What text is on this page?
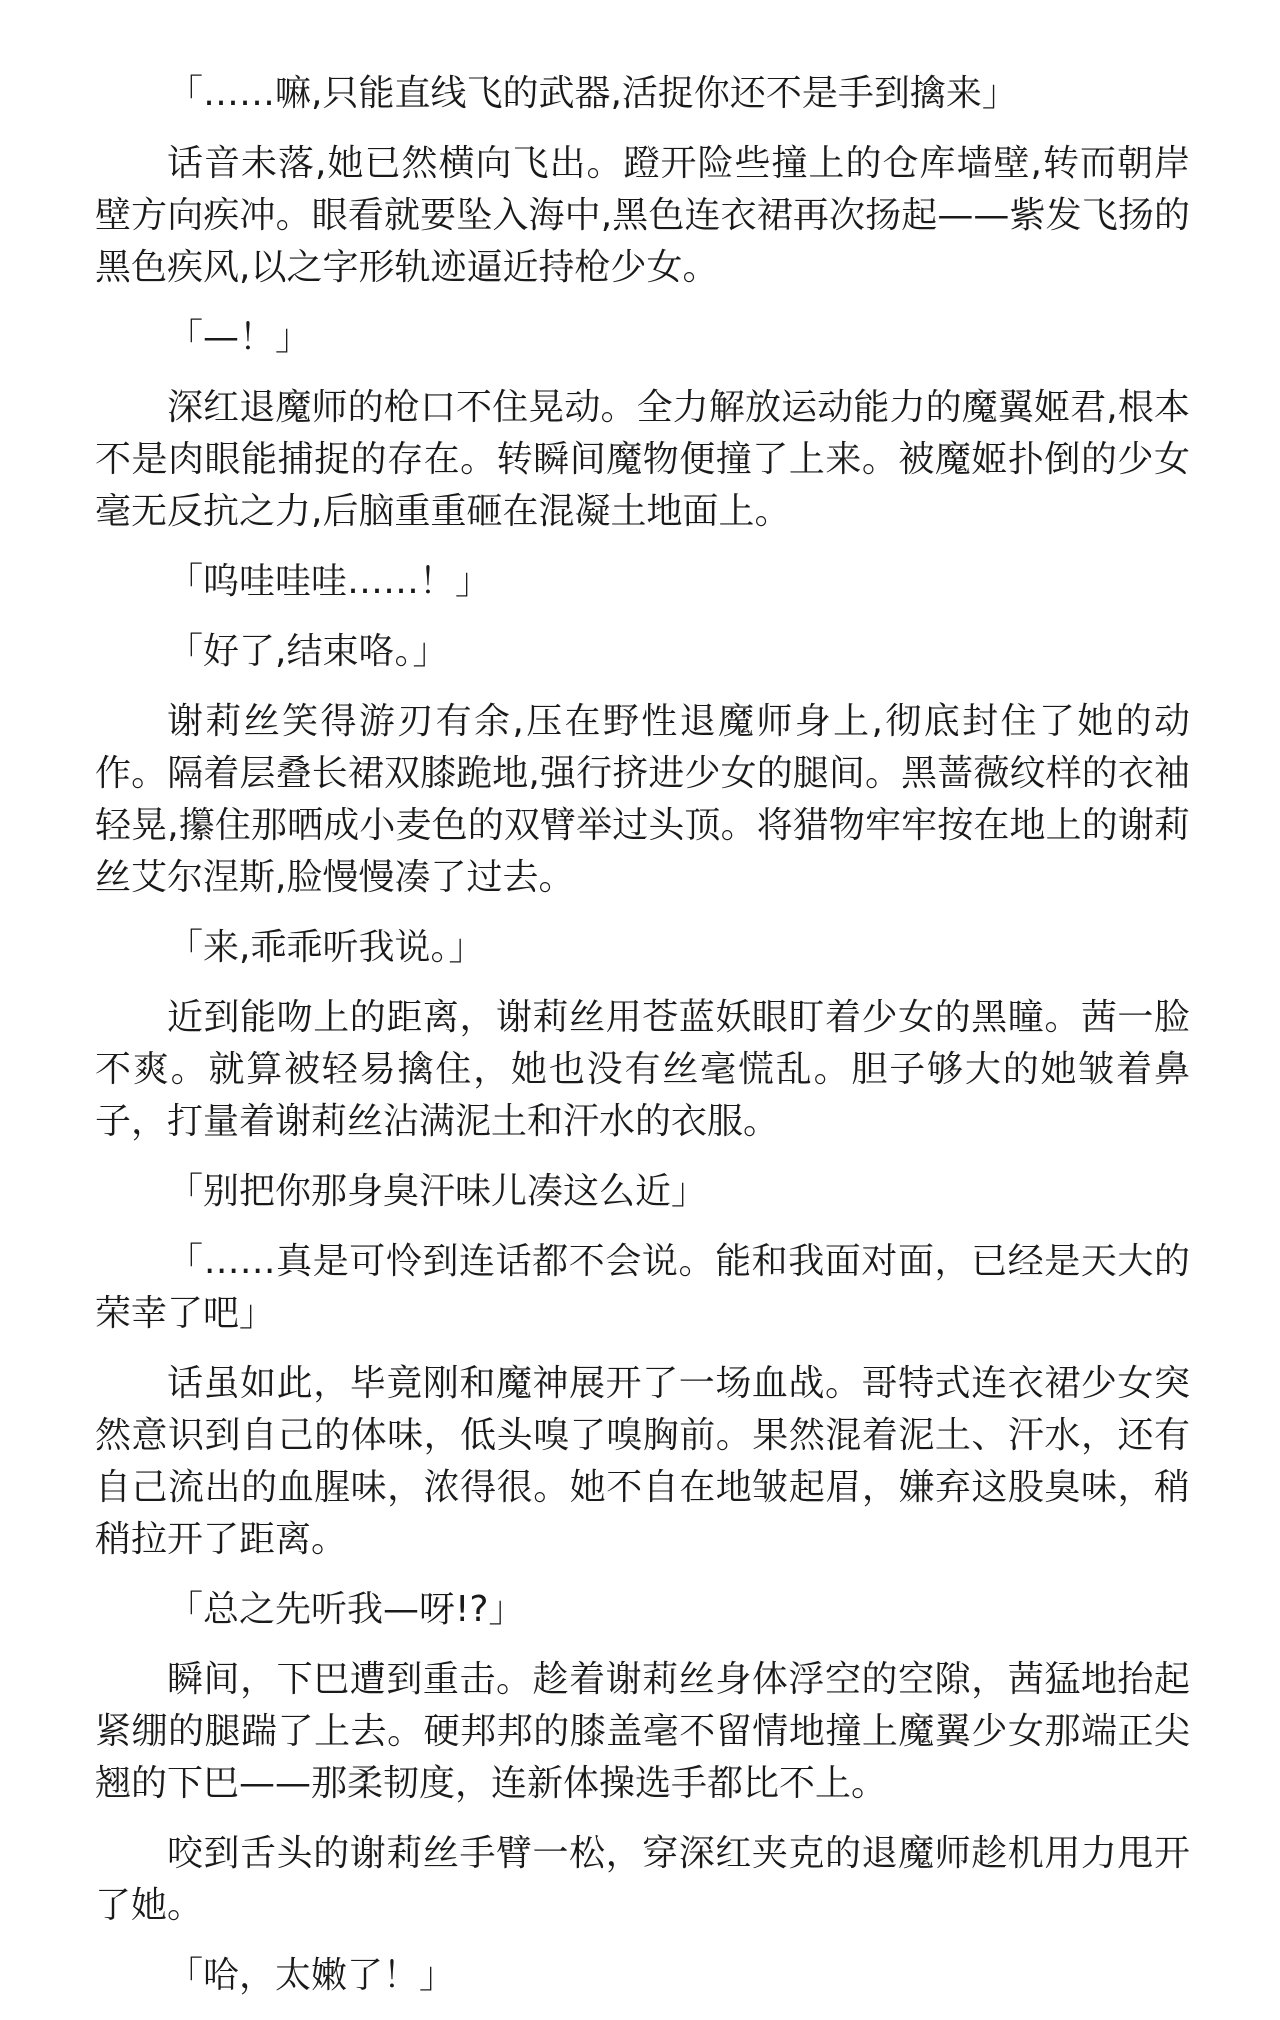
「……嘛,只能直线飞的武器,活捉你还不是手到擒来」

话音未落,她已然横向飞出。蹬开险些撞上的仓库墙壁,转而朝岸壁方向疾冲。眼看就要坠入海中,黑色连衣裙再次扬起——紫发飞扬的黑色疾风,以之字形轨迹逼近持枪少女。

「—！」

深红退魔师的枪口不住晃动。全力解放运动能力的魔翼姬君,根本不是肉眼能捕捉的存在。转瞬间魔物便撞了上来。被魔姬扑倒的少女毫无反抗之力,后脑重重砸在混凝土地面上。

「呜哇哇哇……！」

「好了,结束咯。」

谢莉丝笑得游刃有余,压在野性退魔师身上,彻底封住了她的动作。隔着层叠长裙双膝跪地,强行挤进少女的腿间。黑蔷薇纹样的衣袖轻晃,攥住那晒成小麦色的双臂举过头顶。将猎物牢牢按在地上的谢莉丝艾尔涅斯,脸慢慢凑了过去。

「来,乖乖听我说。」

近到能吻上的距离，谢莉丝用苍蓝妖眼盯着少女的黑瞳。茜一脸不爽。就算被轻易擒住，她也没有丝毫慌乱。胆子够大的她皱着鼻子，打量着谢莉丝沾满泥土和汗水的衣服。

「别把你那身臭汗味儿凑这么近」

「……真是可怜到连话都不会说。能和我面对面，已经是天大的荣幸了吧」

话虽如此，毕竟刚和魔神展开了一场血战。哥特式连衣裙少女突然意识到自己的体味，低头嗅了嗅胸前。果然混着泥土、汗水，还有自己流出的血腥味，浓得很。她不自在地皱起眉，嫌弃这股臭味，稍稍拉开了距离。

「总之先听我—呀!?」

瞬间，下巴遭到重击。趁着谢莉丝身体浮空的空隙，茜猛地抬起紧绷的腿踹了上去。硬邦邦的膝盖毫不留情地撞上魔翼少女那端正尖翘的下巴——那柔韧度，连新体操选手都比不上。

咬到舌头的谢莉丝手臂一松，穿深红夹克的退魔师趁机用力甩开了她。

「哈，太嫩了！」
